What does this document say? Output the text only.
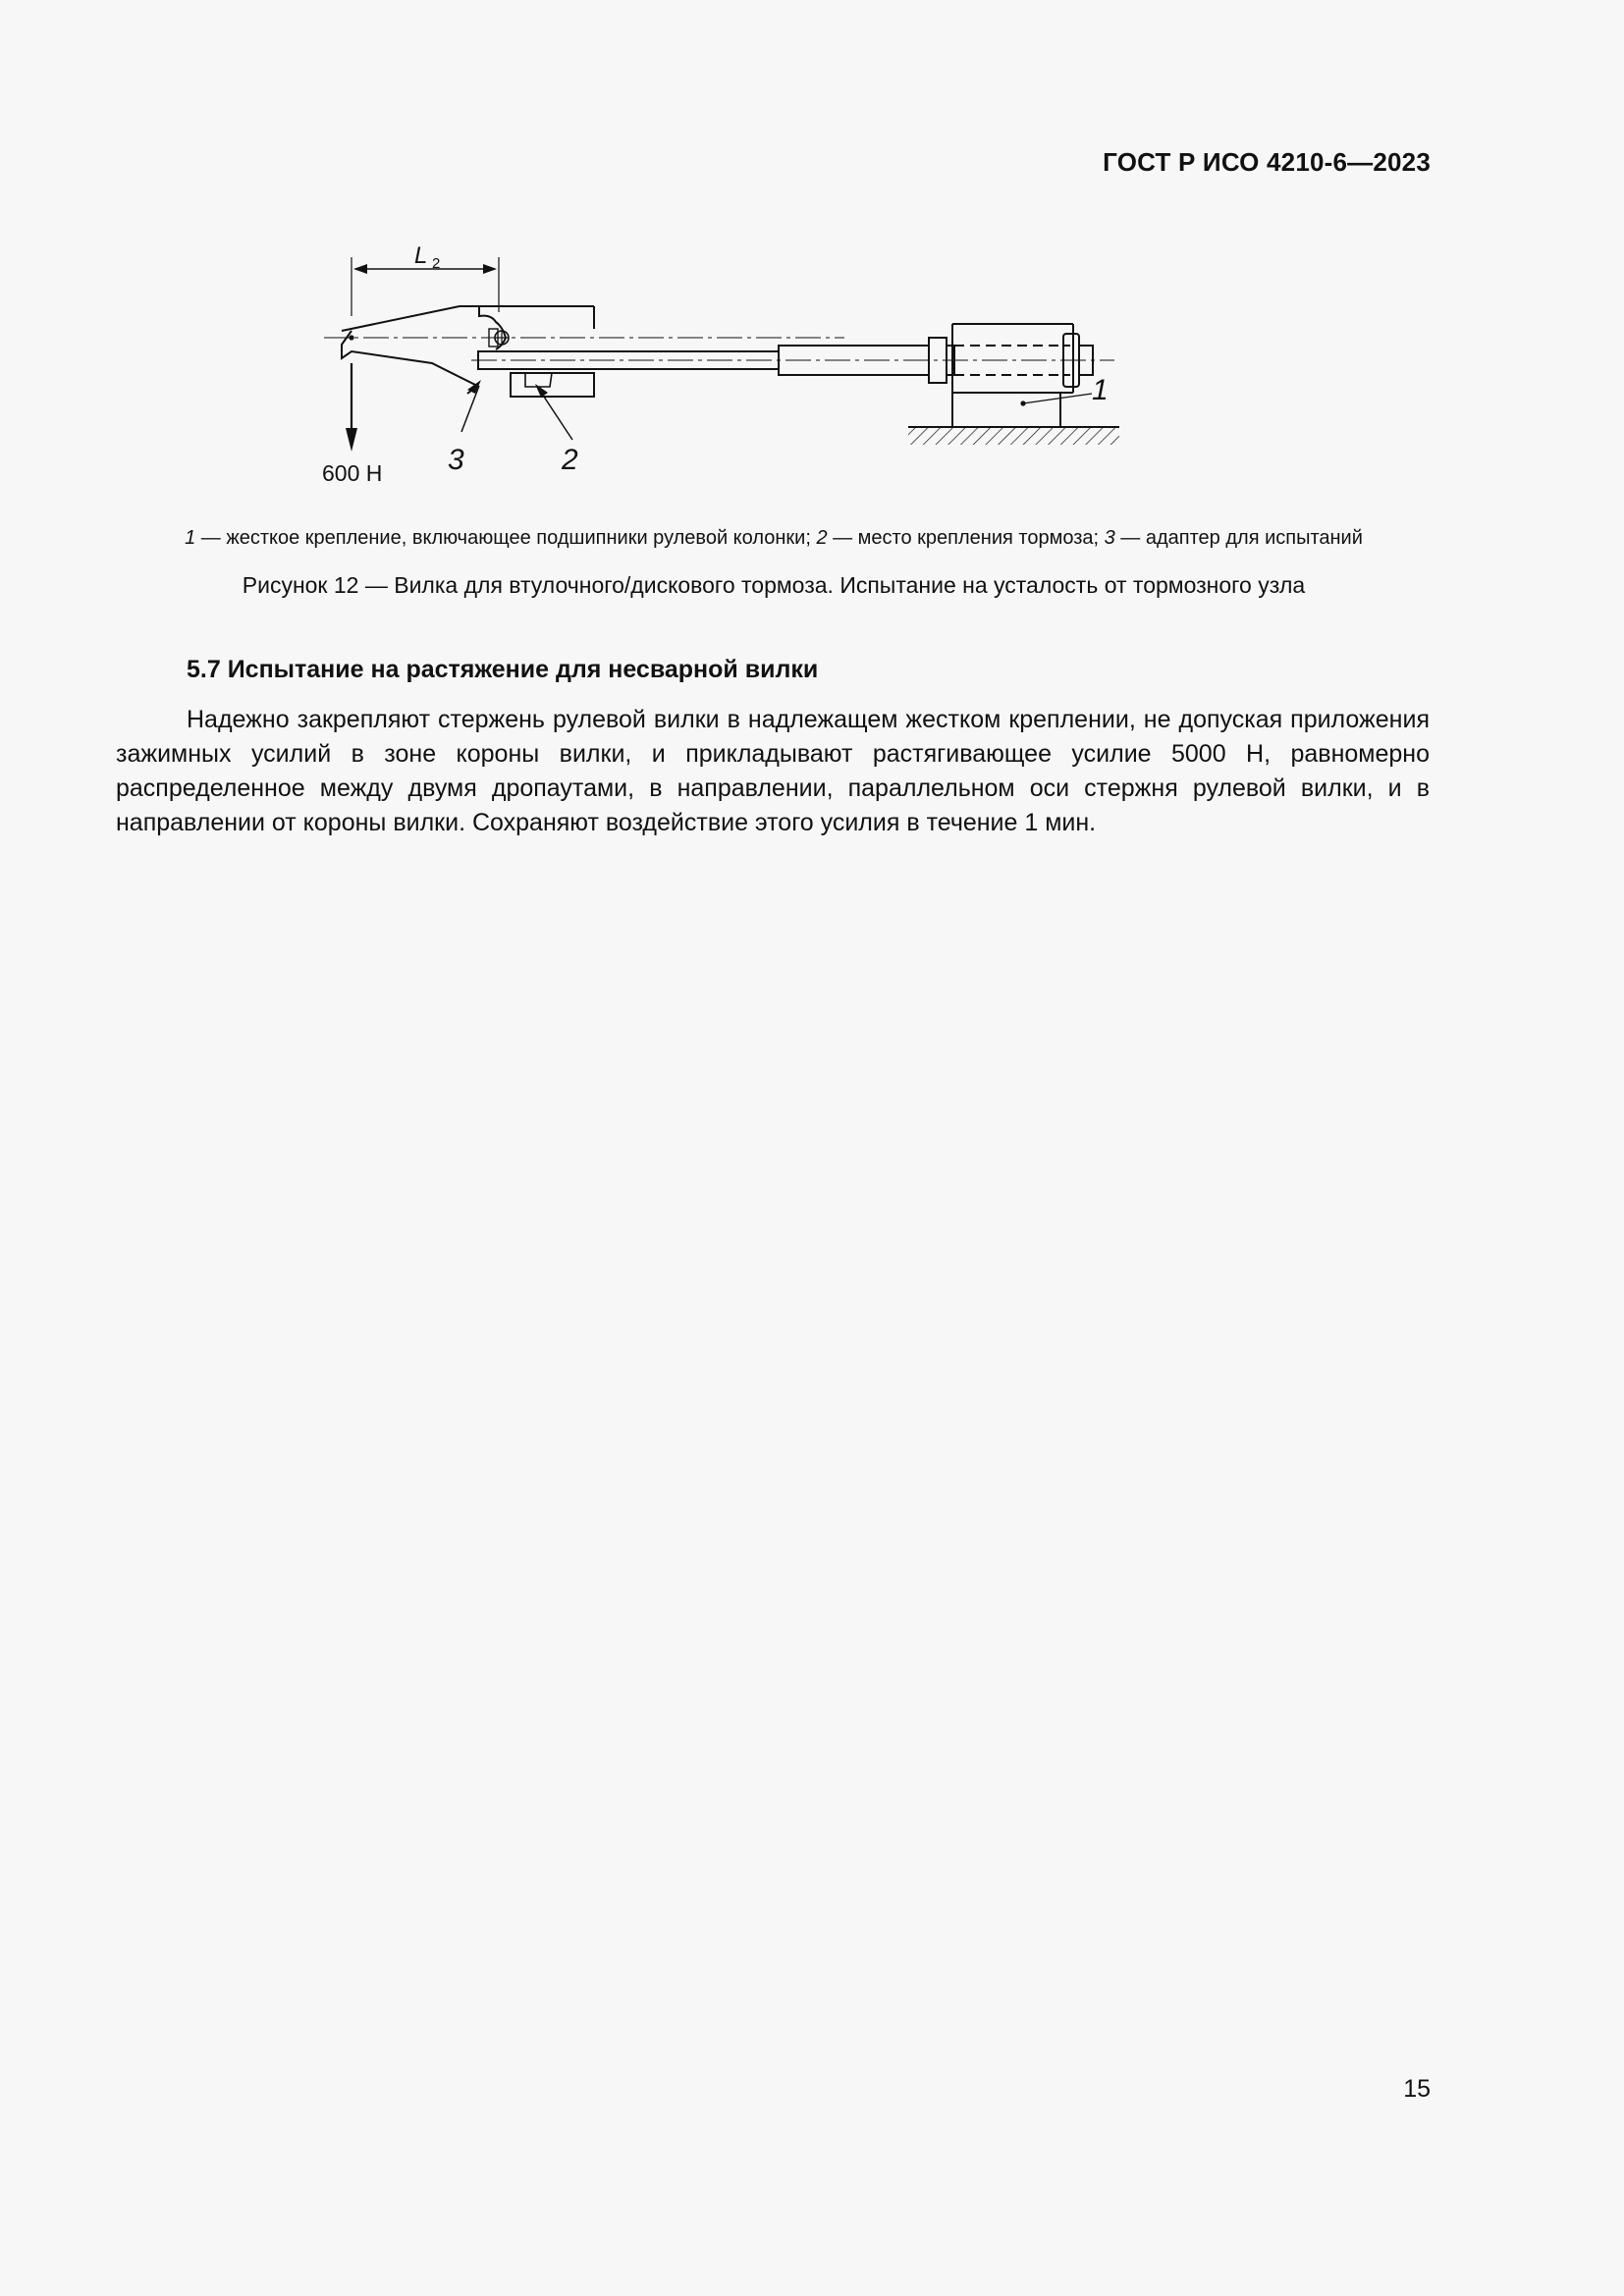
ГОСТ Р ИСО 4210-6—2023
L 2
600 Н 3	2
1
1 — жесткое крепление, включающее подшипники рулевой колонки; 2 — место крепления тормоза; 3 — адаптер для испытаний
Рисунок 12 — Вилка для втулочного/дискового тормоза. Испытание на усталость от тормозного узла
5.7 Испытание на растяжение для несварной вилки
Надежно закрепляют стержень рулевой вилки в надлежащем жестком креплении, не допуская приложения зажимных усилий в зоне короны вилки, и прикладывают растягивающее усилие 5000 Н, равномерно распределенное между двумя дропаутами, в направлении, параллельном оси стержня рулевой вилки, и в направлении от короны вилки. Сохраняют воздействие этого усилия в течение 1 мин.
15
